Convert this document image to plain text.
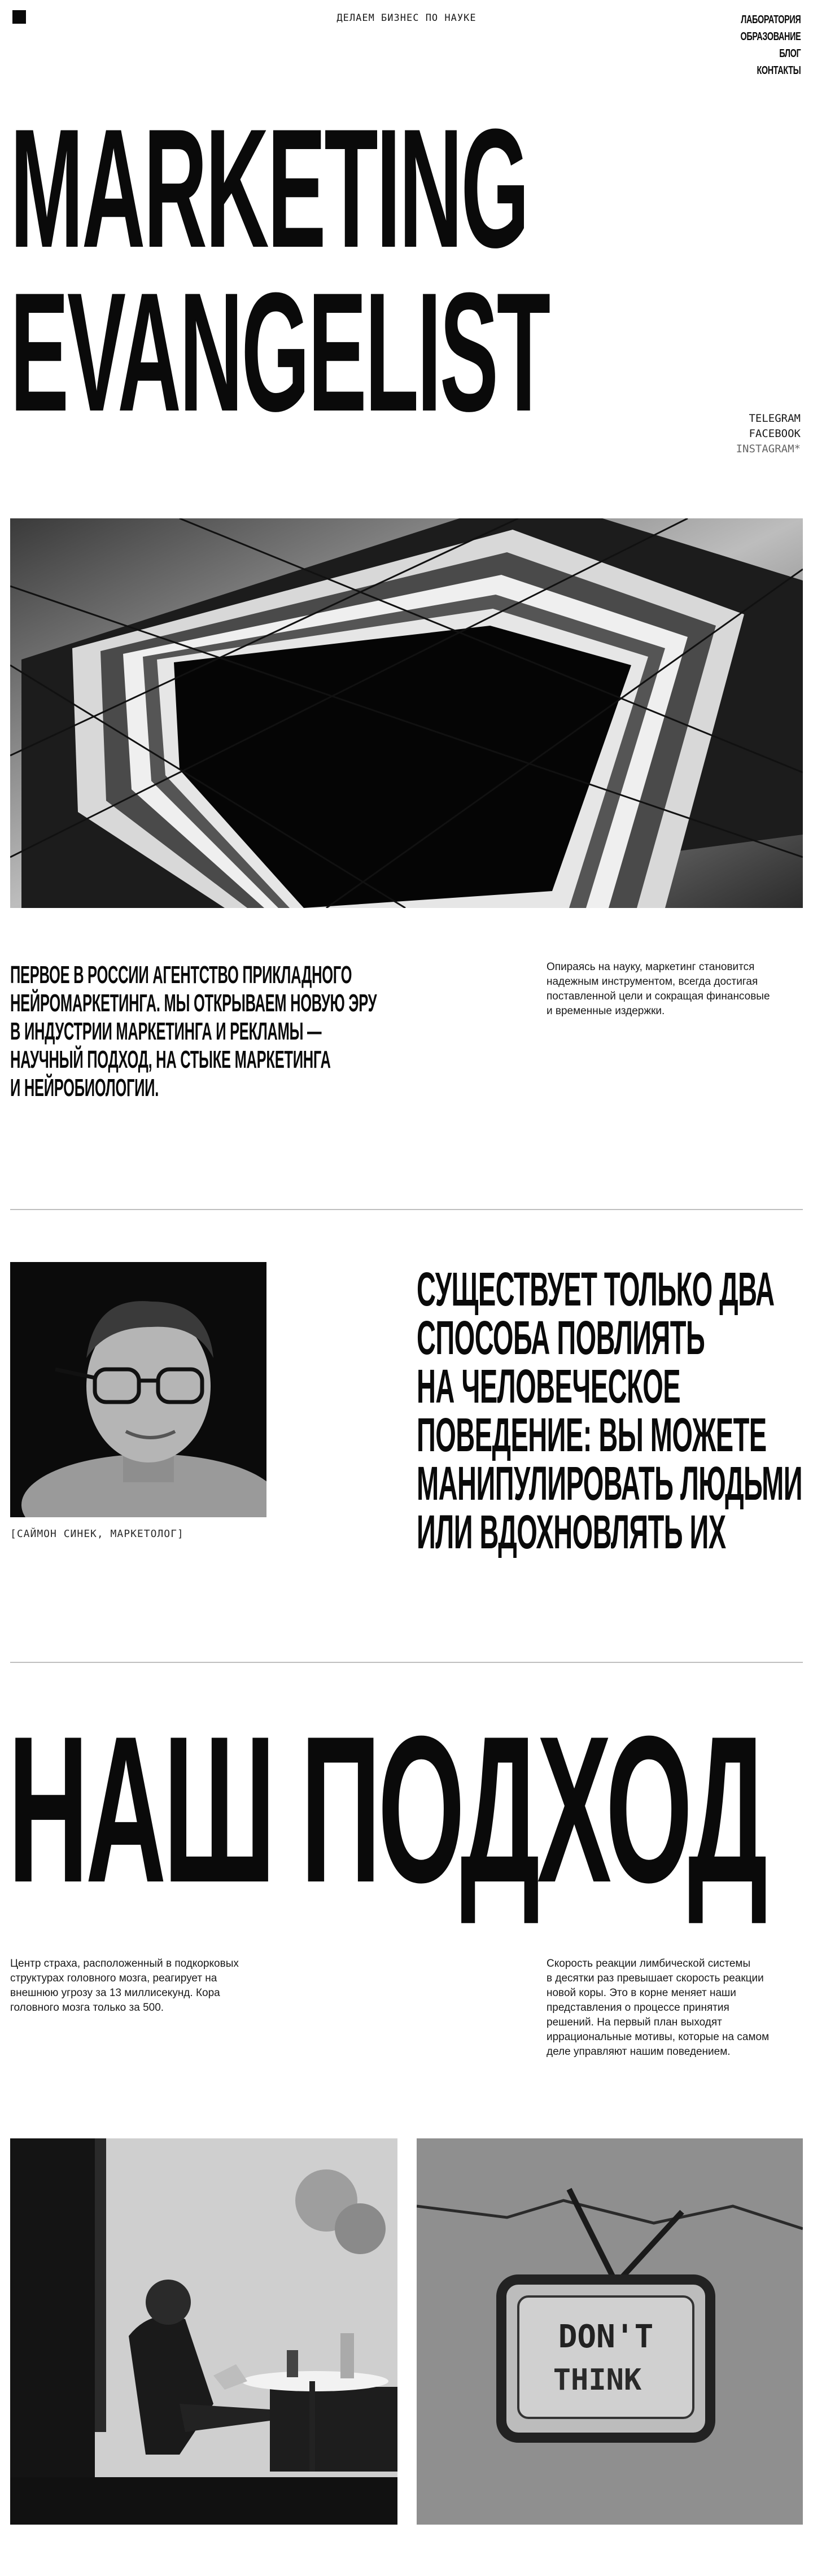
ДЕЛАЕМ БИЗНЕС ПО НАУКЕ	ЛАБОРАТОРИЯ
ОБРАЗОВАНИЕ
БЛОГ
КОНТАКТЫ
MARKETING
EVANGELIST	TELEGRAM
FACEBOOK
INSTAGRAM*
ПЕРВОЕ В РОССИИ АГЕНТСТВО ПРИКЛАДНОГО
НЕЙРОМАРКЕТИНГА. МЫ ОТКРЫВАЕМ НОВУЮ ЭРУ
В ИНДУСТРИИ МАРКЕТИНГА И РЕКЛАМЫ —
НАУЧНЫЙ ПОДХОД, НА СТЫКЕ МАРКЕТИНГА
И НЕЙРОБИОЛОГИИ.
Опираясь на науку, маркетинг становится
надежным инструментом, всегда достигая
поставленной цели и сокращая финансовые
и временные издержки.
[САЙМОН СИНЕК, МАРКЕТОЛОГ]
СУЩЕСТВУЕТ ТОЛЬКО ДВА
СПОСОБА ПОВЛИЯТЬ
НА ЧЕЛОВЕЧЕСКОЕ
ПОВЕДЕНИЕ: ВЫ МОЖЕТЕ
МАНИПУЛИРОВАТЬ ЛЮДЬМИ
ИЛИ ВДОХНОВЛЯТЬ ИХ
НАШ ПОДХОД
Центр страха, расположенный в подкорковых
структурах головного мозга, реагирует на
внешнюю угрозу за 13 миллисекунд. Кора
головного мозга только за 500.
Скорость реакции лимбической системы
в десятки раз превышает скорость реакции
новой коры. Это в корне меняет наши
представления о процессе принятия
решений. На первый план выходят
иррациональные мотивы, которые на самом
деле управляют нашим поведением.
DON'T
THINK
